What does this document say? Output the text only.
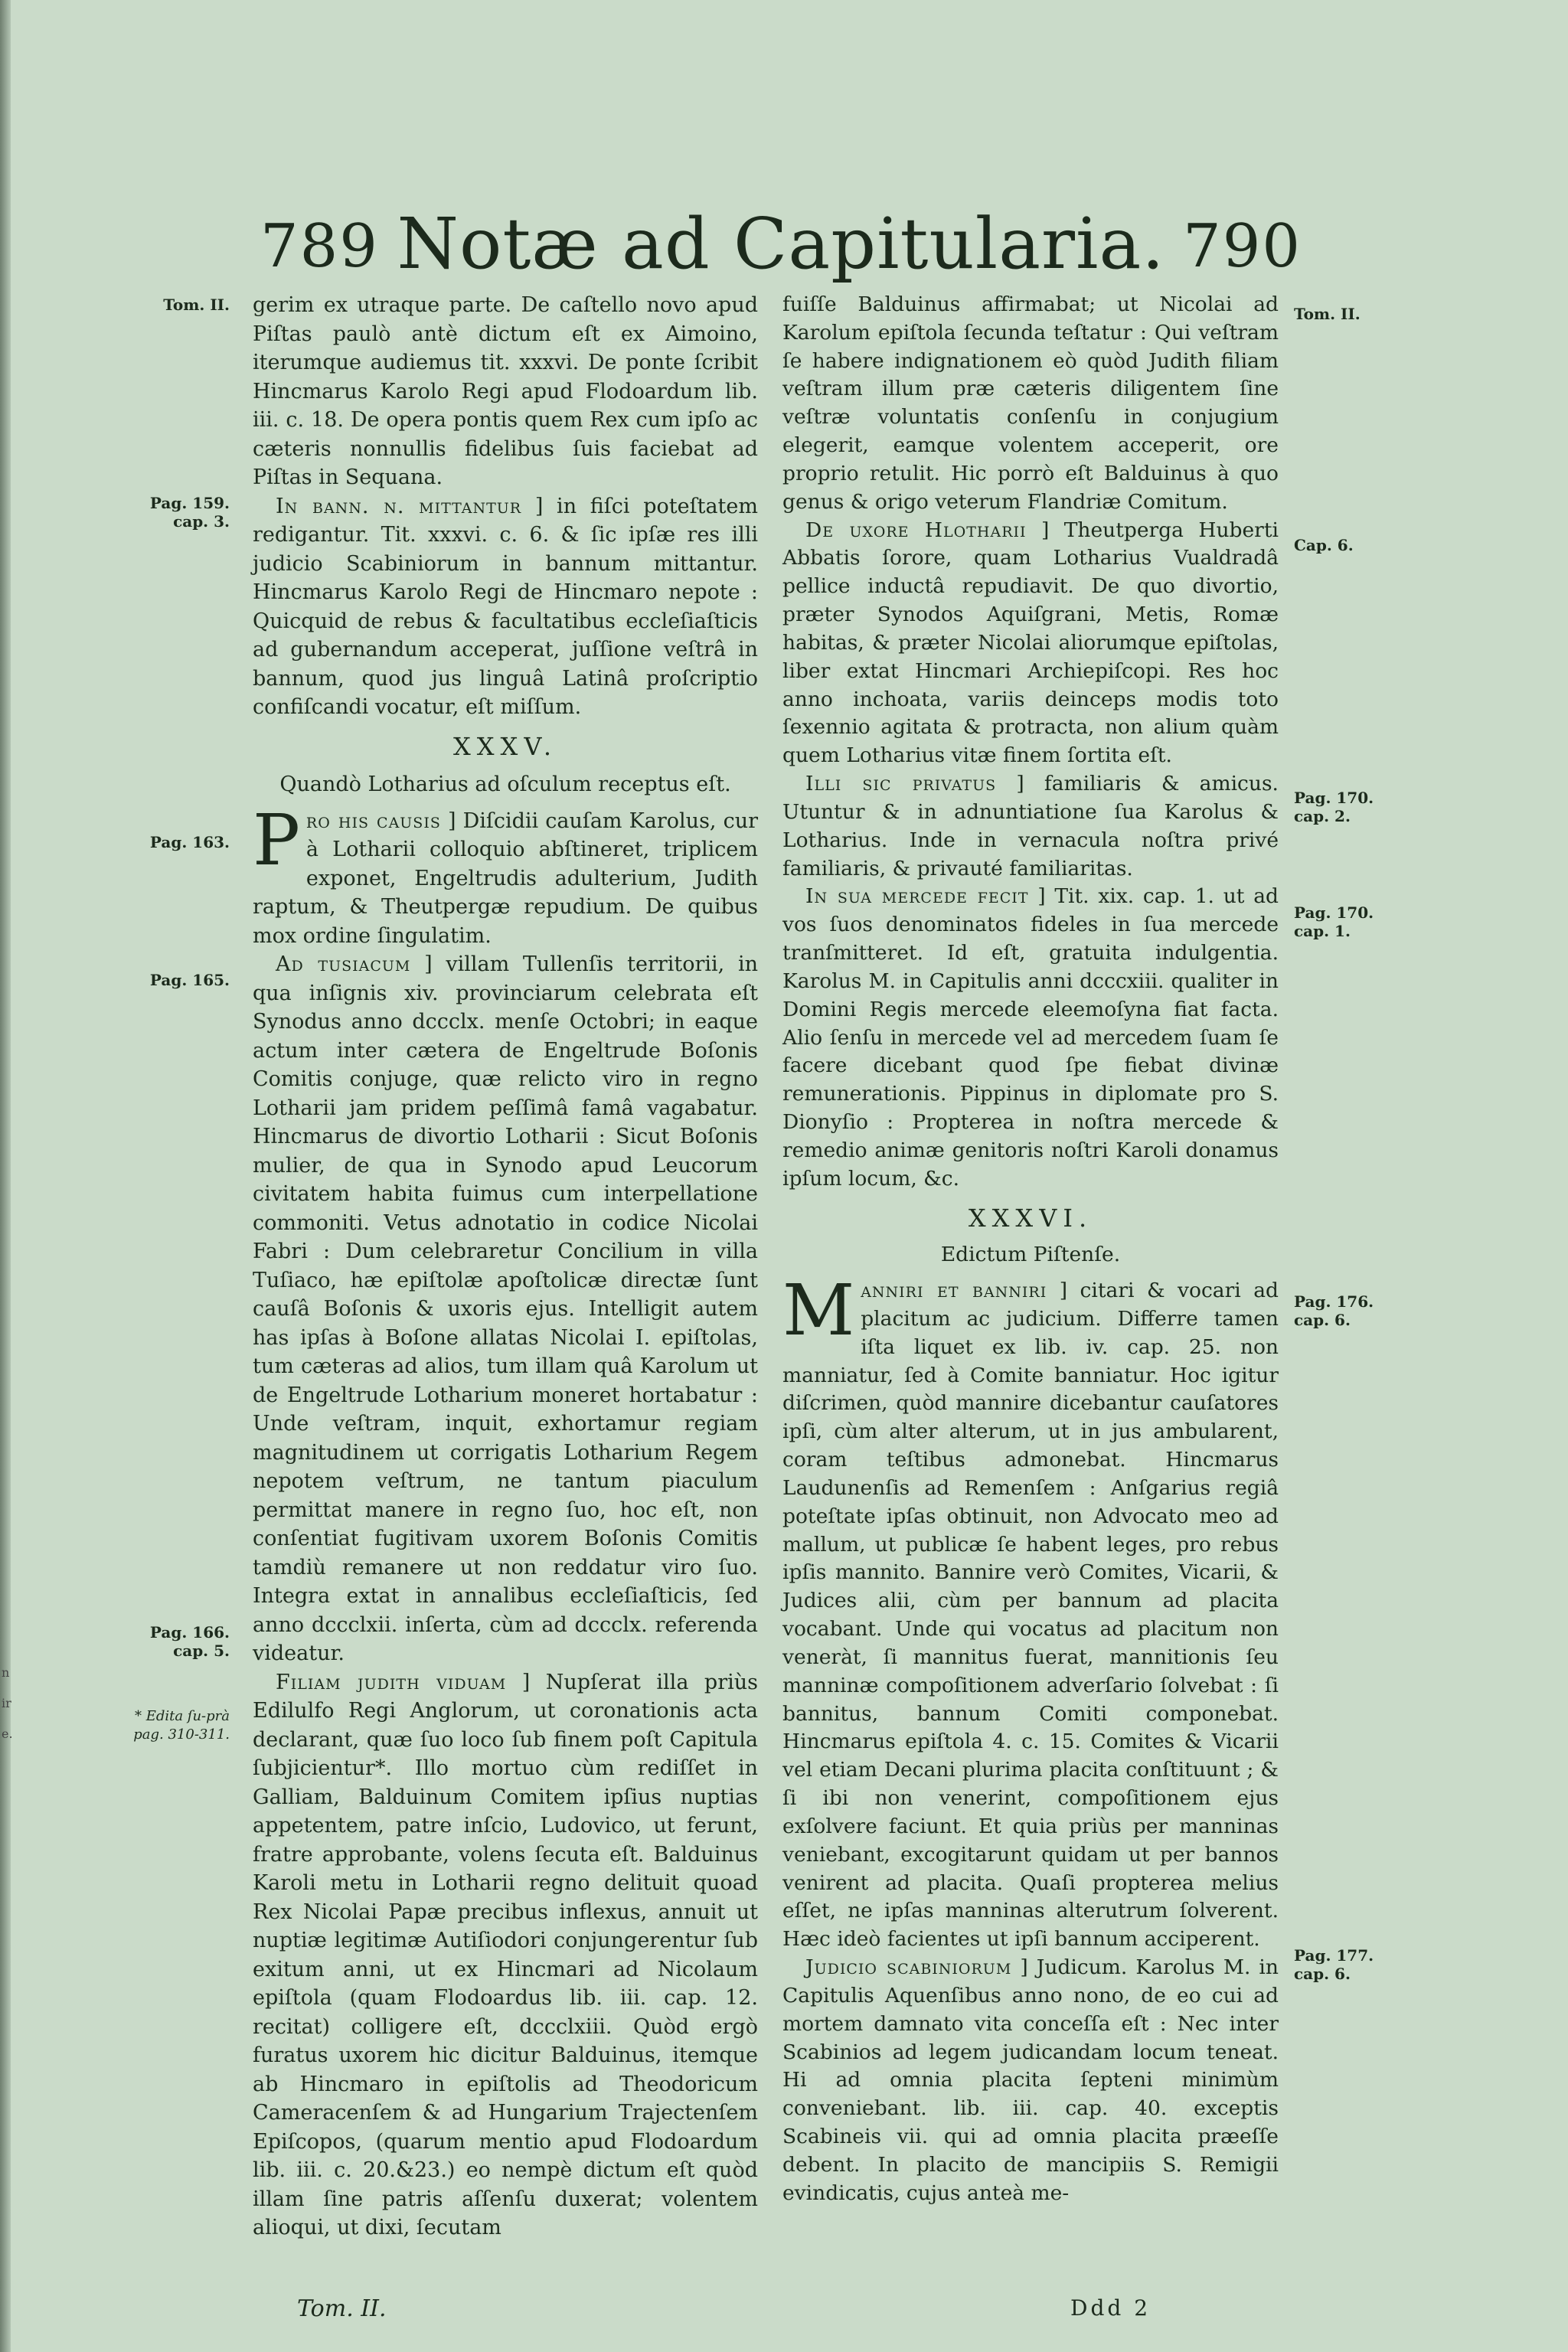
n
ir
e.
789 Notæ ad Capitularia. 790
Tom. II.
Pag. 159. cap. 3.
Pag. 163.
Pag. 165.
Pag. 166. cap. 5.
* Edita ſu-prà pag. 310-311.
Tom. II.
Cap. 6.
Pag. 170. cap. 2.
Pag. 170. cap. 1.
Pag. 176. cap. 6.
Pag. 177. cap. 6.

gerim ex utraque parte. De caſtello novo apud Piſtas paulò antè dictum eſt ex Aimoino, iterumque audiemus tit. xxxvi. De ponte ſcribit Hincmarus Karolo Regi apud Flodoardum lib. iii. c. 18. De opera pontis quem Rex cum ipſo ac cæteris nonnullis fidelibus ſuis faciebat ad Piſtas in Sequana.

In bann. n. mittantur ] in fiſci poteſtatem redigantur. Tit. xxxvi. c. 6. & ſic ipſæ res illi judicio Scabiniorum in bannum mittantur. Hincmarus Karolo Regi de Hincmaro nepote : Quicquid de rebus & facultatibus eccleſiaſticis ad gubernandum acceperat, juſſione veſtrâ in bannum, quod jus linguâ Latinâ proſcriptio confiſcandi vocatur, eſt miſſum.

XXXV.
Quandò Lotharius ad oſculum receptus eſt.

Pro his causis ] Diſcidii cauſam Karolus, cur à Lotharii colloquio abſtineret, triplicem exponet, Engeltrudis adulterium, Judith raptum, & Theutpergæ repudium. De quibus mox ordine ſingulatim.

Ad tusiacum ] villam Tullenſis territorii, in qua inſignis xiv. provinciarum celebrata eſt Synodus anno dccclx. menſe Octobri; in eaque actum inter cætera de Engeltrude Boſonis Comitis conjuge, quæ relicto viro in regno Lotharii jam pridem peſſimâ famâ vagabatur. Hincmarus de divortio Lotharii : Sicut Boſonis mulier, de qua in Synodo apud Leucorum civitatem habita fuimus cum interpellatione commoniti. Vetus adnotatio in codice Nicolai Fabri : Dum celebraretur Concilium in villa Tuſiaco, hæ epiſtolæ apoſtolicæ directæ ſunt cauſâ Boſonis & uxoris ejus. Intelligit autem has ipſas à Boſone allatas Nicolai I. epiſtolas, tum cæteras ad alios, tum illam quâ Karolum ut de Engeltrude Lotharium moneret hortabatur : Unde veſtram, inquit, exhortamur regiam magnitudinem ut corrigatis Lotharium Regem nepotem veſtrum, ne tantum piaculum permittat manere in regno ſuo, hoc eſt, non conſentiat fugitivam uxorem Boſonis Comitis tamdiù remanere ut non reddatur viro ſuo. Integra extat in annalibus eccleſiaſticis, ſed anno dccclxii. inſerta, cùm ad dccclx. referenda videatur.

Filiam judith viduam ] Nupſerat illa priùs Edilulfo Regi Anglorum, ut coronationis acta declarant, quæ ſuo loco ſub finem poſt Capitula ſubjicientur*. Illo mortuo cùm rediſſet in Galliam, Balduinum Comitem ipſius nuptias appetentem, patre inſcio, Ludovico, ut ferunt, fratre approbante, volens ſecuta eſt. Balduinus Karoli metu in Lotharii regno delituit quoad Rex Nicolai Papæ precibus inflexus, annuit ut nuptiæ legitimæ Autiſiodori conjungerentur ſub exitum anni, ut ex Hincmari ad Nicolaum epiſtola (quam Flodoardus lib. iii. cap. 12. recitat) colligere eſt, dccclxiii. Quòd ergò furatus uxorem hic dicitur Balduinus, itemque ab Hincmaro in epiſtolis ad Theodoricum Cameracenſem & ad Hungarium Trajectenſem Epiſcopos, (quarum mentio apud Flodoardum lib. iii. c. 20.&23.) eo nempè dictum eſt quòd illam ſine patris aſſenſu duxerat; volentem alioqui, ut dixi, ſecutam

fuiſſe Balduinus affirmabat; ut Nicolai ad Karolum epiſtola ſecunda teſtatur : Qui veſtram ſe habere indignationem eò quòd Judith filiam veſtram illum præ cæteris diligentem ſine veſtræ voluntatis conſenſu in conjugium elegerit, eamque volentem acceperit, ore proprio retulit. Hic porrò eſt Balduinus à quo genus & origo veterum Flandriæ Comitum.

De uxore Hlotharii ] Theutperga Huberti Abbatis ſorore, quam Lotharius Vualdradâ pellice inductâ repudiavit. De quo divortio, præter Synodos Aquiſgrani, Metis, Romæ habitas, & præter Nicolai aliorumque epiſtolas, liber extat Hincmari Archiepiſcopi. Res hoc anno inchoata, variis deinceps modis toto ſexennio agitata & protracta, non alium quàm quem Lotharius vitæ finem ſortita eſt.

Illi sic privatus ] familiaris & amicus. Utuntur & in adnuntiatione ſua Karolus & Lotharius. Inde in vernacula noſtra privé familiaris, & privauté familiaritas.

In sua mercede fecit ] Tit. xix. cap. 1. ut ad vos ſuos denominatos fideles in ſua mercede tranſmitteret. Id eſt, gratuita indulgentia. Karolus M. in Capitulis anni dcccxiii. qualiter in Domini Regis mercede eleemoſyna fiat facta. Alio ſenſu in mercede vel ad mercedem ſuam ſe facere dicebant quod ſpe fiebat divinæ remunerationis. Pippinus in diplomate pro S. Dionyſio : Propterea in noſtra mercede & remedio animæ genitoris noſtri Karoli donamus ipſum locum, &c.

XXXVI.
Edictum Piſtenſe.

Manniri et banniri ] citari & vocari ad placitum ac judicium. Differre tamen iſta liquet ex lib. iv. cap. 25. non manniatur, ſed à Comite banniatur. Hoc igitur diſcrimen, quòd mannire dicebantur cauſatores ipſi, cùm alter alterum, ut in jus ambularent, coram teſtibus admonebat. Hincmarus Laudunenſis ad Remenſem : Anſgarius regiâ poteſtate ipſas obtinuit, non Advocato meo ad mallum, ut publicæ ſe habent leges, pro rebus ipſis mannito. Bannire verò Comites, Vicarii, & Judices alii, cùm per bannum ad placita vocabant. Unde qui vocatus ad placitum non veneràt, ſi mannitus fuerat, mannitionis ſeu manninæ compoſitionem adverſario ſolvebat : ſi bannitus, bannum Comiti componebat. Hincmarus epiſtola 4. c. 15. Comites & Vicarii vel etiam Decani plurima placita conſtituunt ; & ſi ibi non venerint, compoſitionem ejus exſolvere faciunt. Et quia priùs per manninas veniebant, excogitarunt quidam ut per bannos venirent ad placita. Quaſi propterea melius eſſet, ne ipſas manninas alterutrum ſolverent. Hæc ideò facientes ut ipſi bannum acciperent.

Judicio scabiniorum ] Judicum. Karolus M. in Capitulis Aquenſibus anno nono, de eo cui ad mortem damnato vita conceſſa eſt : Nec inter Scabinios ad legem judicandam locum teneat. Hi ad omnia placita ſepteni minimùm conveniebant. lib. iii. cap. 40. exceptis Scabineis vii. qui ad omnia placita præeſſe debent. In placito de mancipiis S. Remigii evindicatis, cujus anteà me-

Tom. II.	Ddd 2
